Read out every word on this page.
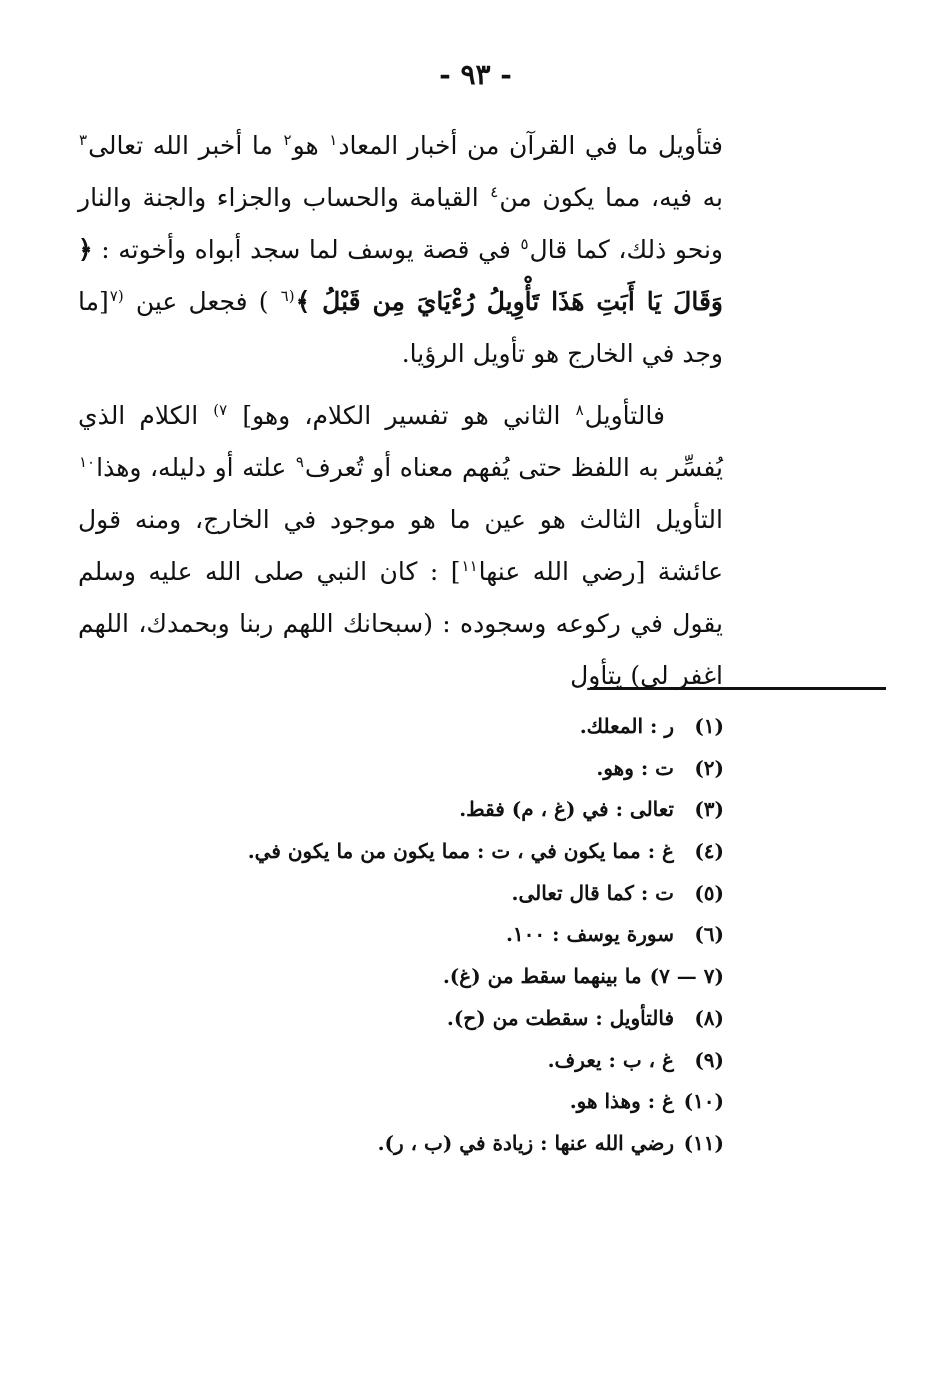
- ٩٣ -

فتأويل ما في القرآن من أخبار المعاد$^١$ هو$^٢$ ما أخبر الله تعالى$^٣$ به فيه، مما يكون من$^٤$ القيامة والحساب والجزاء والجنة والنار ونحو ذلك، كما قال$^٥$ في قصة يوسف لما سجد أبواه وأخوته : ﴿ وَقَالَ يَا أَبَتِ هَذَا تَأْوِيلُ رُءْيَايَ مِن قَبْلُ ﴾$^{(٦}$ ) فجعل عين $^{(٧}$[ما وجد في الخارج هو تأويل الرؤيا.

فالتأويل$^٨$ الثاني هو تفسير الكلام، وهو] $^{٧)}$ الكلام الذي يُفسِّر به اللفظ حتى يُفهم معناه أو تُعرف$^٩$ علته أو دليله، وهذا$^{١٠}$ التأويل الثالث هو عين ما هو موجود في الخارج، ومنه قول عائشة [رضي الله عنها$^{١١}$] : كان النبي صلى الله عليه وسلم يقول في ركوعه وسجوده : (سبحانك اللهم ربنا وبحمدك، اللهم اغفر لي) يتأول

(١)ر : المعلك.
(٢)ت : وهو.
(٣)تعالى : في (غ ، م) فقط.
(٤)غ : مما يكون في ، ت : مما يكون من ما يكون في.
(٥)ت : كما قال تعالى.
(٦)سورة يوسف : ١٠٠.
(٧ — ٧)ما بينهما سقط من (غ).
(٨)فالتأويل : سقطت من (ح).
(٩)غ ، ب : يعرف.
(١٠)غ : وهذا هو.
(١١)رضي الله عنها : زيادة في (ب ، ر).
